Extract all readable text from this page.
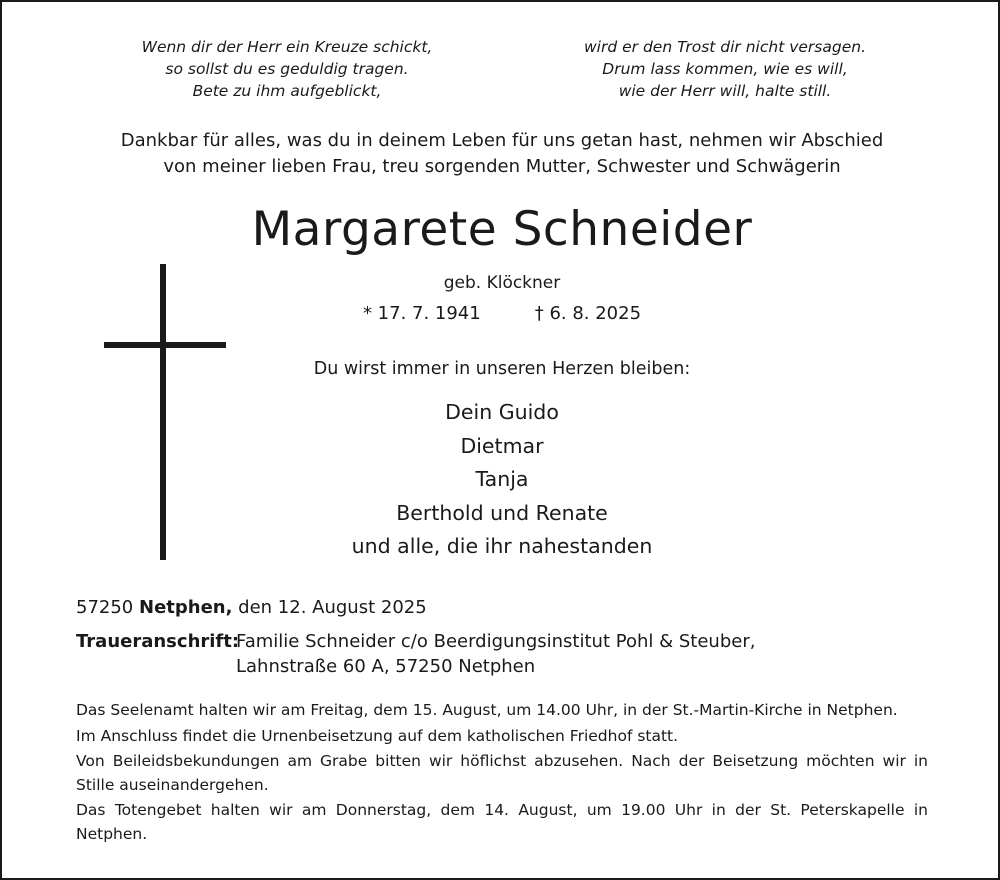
Wenn dir der Herr ein Kreuze schickt,
so sollst du es geduldig tragen.
Bete zu ihm aufgeblickt,
wird er den Trost dir nicht versagen.
Drum lass kommen, wie es will,
wie der Herr will, halte still.
Dankbar für alles, was du in deinem Leben für uns getan hast, nehmen wir Abschied
von meiner lieben Frau, treu sorgenden Mutter, Schwester und Schwägerin
Margarete Schneider
geb. Klöckner
* 17. 7. 1941	† 6. 8. 2025
Du wirst immer in unseren Herzen bleiben:
Dein Guido
Dietmar
Tanja
Berthold und Renate
und alle, die ihr nahestanden
57250 Netphen, den 12. August 2025
Traueranschrift:Familie Schneider c/o Beerdigungsinstitut Pohl & Steuber,
Lahnstraße 60 A, 57250 Netphen

Das Seelenamt halten wir am Freitag, dem 15. August, um 14.00 Uhr, in der St.-Martin-Kirche in Netphen.

Im Anschluss findet die Urnenbeisetzung auf dem katholischen Friedhof statt.

Von Beileidsbekundungen am Grabe bitten wir höflichst abzusehen. Nach der Beisetzung möchten wir in Stille auseinandergehen.

Das Totengebet halten wir am Donnerstag, dem 14. August, um 19.00 Uhr in der St. Peterskapelle in Netphen.
